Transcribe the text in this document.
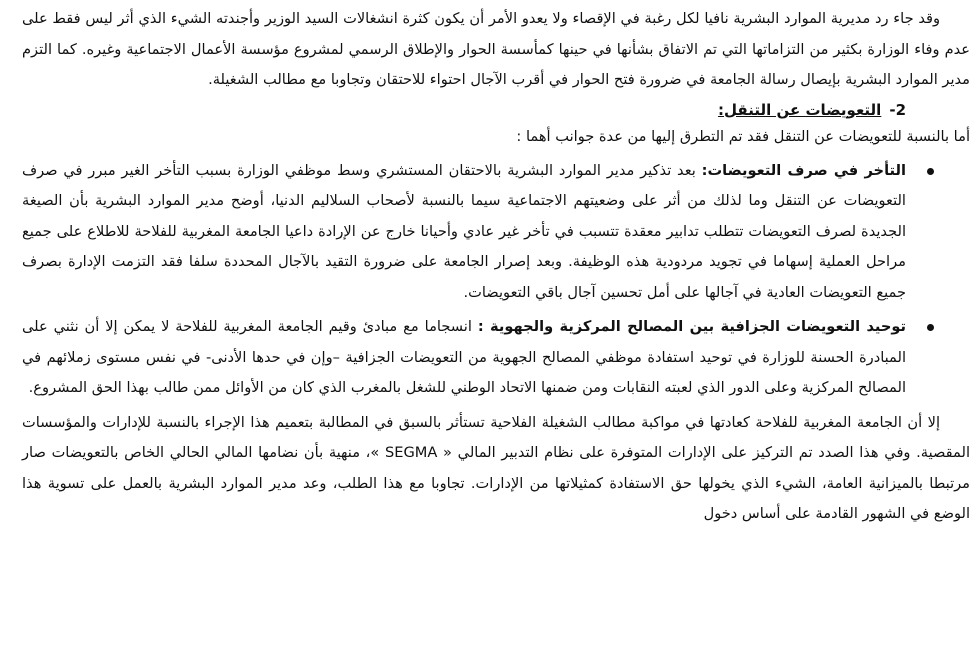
وقد جاء رد مديرية الموارد البشرية نافيا لكل رغبة في الإقصاء ولا يعدو الأمر أن يكون كثرة انشغالات السيد الوزير وأجندته الشيء الذي أثر ليس فقط على عدم وفاء الوزارة بكثير من التزاماتها التي تم الاتفاق بشأنها في حينها كمأسسة الحوار والإطلاق الرسمي لمشروع مؤسسة الأعمال الاجتماعية وغيره. كما التزم مدير الموارد البشرية بإيصال رسالة الجامعة في ضرورة فتح الحوار في أقرب الآجال احتواء للاحتقان وتجاوبا مع مطالب الشغيلة.

2-التعويضات عن التنقل:

أما بالنسبة للتعويضات عن التنقل فقد تم التطرق إليها من عدة جوانب أهما :

التأخر في صرف التعويضات: بعد تذكير مدير الموارد البشرية بالاحتقان المستشري وسط موظفي الوزارة بسبب التأخر الغير مبرر في صرف التعويضات عن التنقل وما لذلك من أثر على وضعيتهم الاجتماعية سيما بالنسبة لأصحاب السلاليم الدنيا، أوضح مدير الموارد البشرية بأن الصيغة الجديدة لصرف التعويضات تتطلب تدابير معقدة تتسبب في تأخر غير عادي وأحيانا خارج عن الإرادة داعيا الجامعة المغربية للفلاحة للاطلاع على جميع مراحل العملية إسهاما في تجويد مردودية هذه الوظيفة. وبعد إصرار الجامعة على ضرورة التقيد بالآجال المحددة سلفا فقد التزمت الإدارة بصرف جميع التعويضات العادية في آجالها على أمل تحسين آجال باقي التعويضات.
توحيد التعويضات الجزافية بين المصالح المركزية والجهوية : انسجاما مع مبادئ وقيم الجامعة المغربية للفلاحة لا يمكن إلا أن نثني على المبادرة الحسنة للوزارة في توحيد استفادة موظفي المصالح الجهوية من التعويضات الجزافية –وإن في حدها الأدنى- في نفس مستوى زملائهم في المصالح المركزية وعلى الدور الذي لعبته النقابات ومن ضمنها الاتحاد الوطني للشغل بالمغرب الذي كان من الأوائل ممن طالب بهذا الحق المشروع.

إلا أن الجامعة المغربية للفلاحة كعادتها في مواكبة مطالب الشغيلة الفلاحية تستأثر بالسبق في المطالبة بتعميم هذا الإجراء بالنسبة للإدارات والمؤسسات المقصية. وفي هذا الصدد تم التركيز على الإدارات المتوفرة على نظام التدبير المالي « SEGMA »، منهية بأن نضامها المالي الحالي الخاص بالتعويضات صار مرتبطا بالميزانية العامة، الشيء الذي يخولها حق الاستفادة كمثيلاتها من الإدارات. تجاوبا مع هذا الطلب، وعد مدير الموارد البشرية بالعمل على تسوية هذا الوضع في الشهور القادمة على أساس دخول
